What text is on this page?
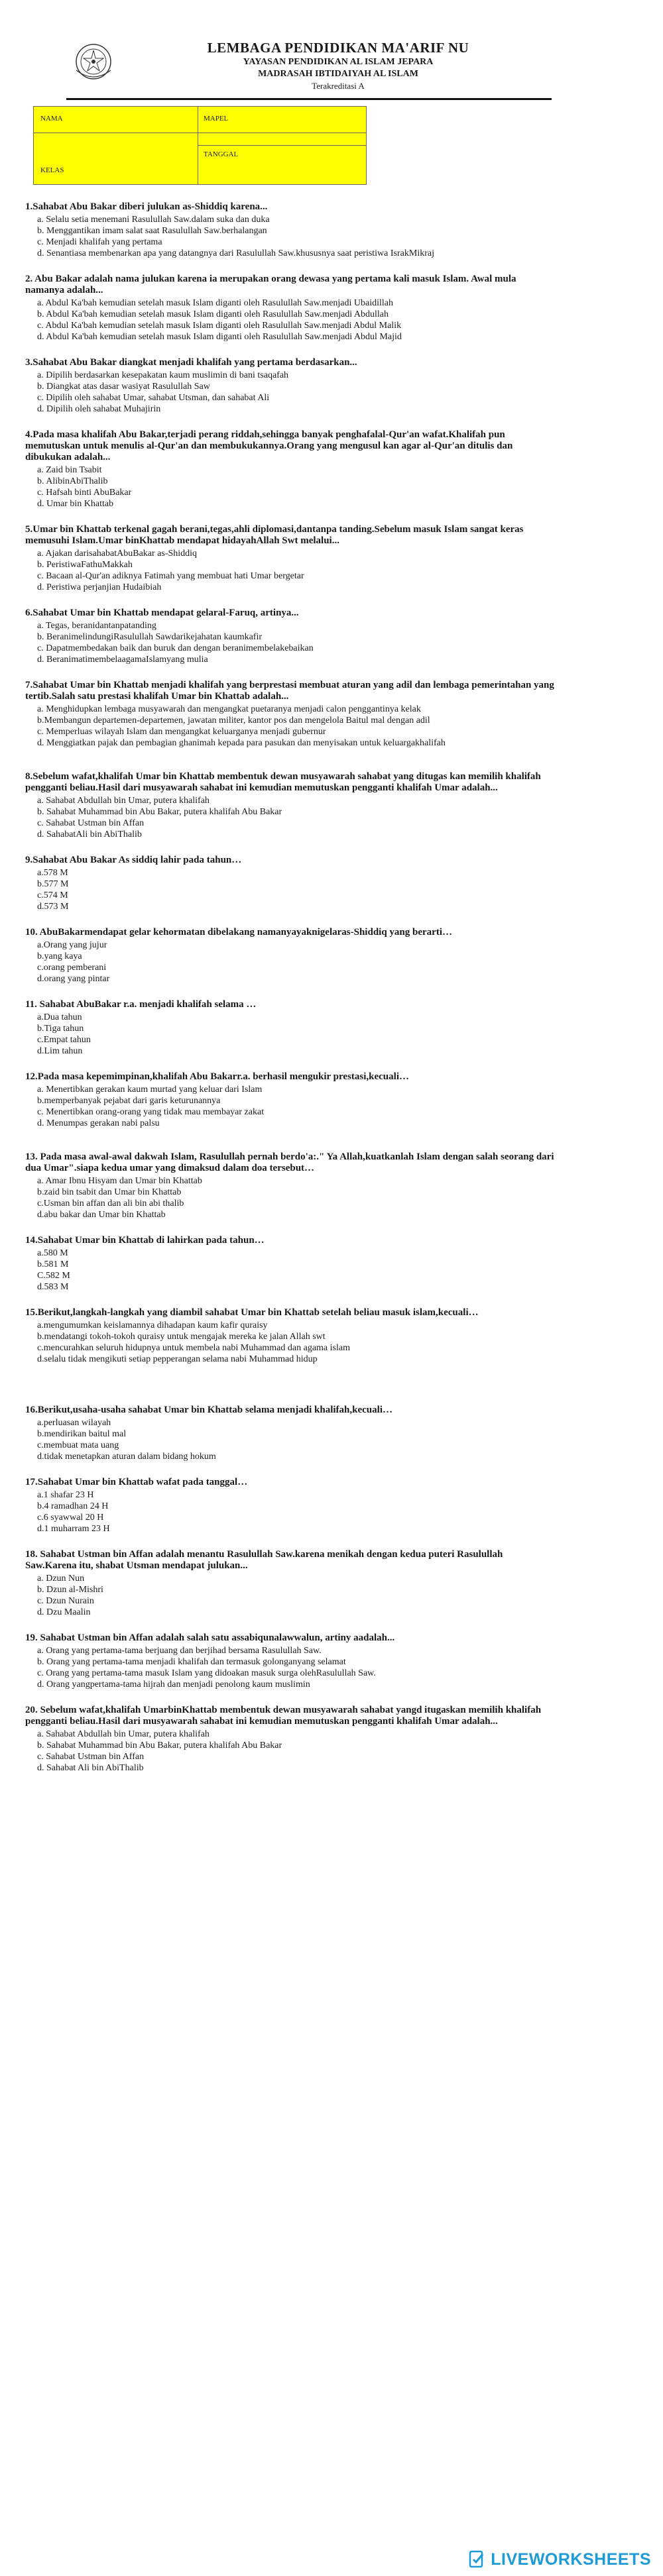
LEMBAGA PENDIDIKAN MA'ARIF NU
YAYASAN PENDIDIKAN AL ISLAM JEPARA
MADRASAH IBTIDAIYAH AL ISLAM
Terakreditasi A
NAMA	MAPEL
TANGGAL
KELAS
1.Sahabat Abu Bakar diberi julukan as-Shiddiq karena...
a. Selalu setia menemani Rasulullah Saw.dalam suka dan duka
b. Menggantikan imam salat saat Rasulullah Saw.berhalangan
c. Menjadi khalifah yang pertama
d. Senantiasa membenarkan apa yang datangnya dari Rasulullah Saw.khususnya saat peristiwa IsrakMikraj
2. Abu Bakar adalah nama julukan karena ia merupakan orang dewasa yang pertama kali masuk Islam. Awal mula namanya adalah...
a. Abdul Ka'bah kemudian setelah masuk Islam diganti oleh Rasulullah Saw.menjadi Ubaidillah
b. Abdul Ka'bah kemudian setelah masuk Islam diganti oleh Rasulullah Saw.menjadi Abdullah
c. Abdul Ka'bah kemudian setelah masuk Islam diganti oleh Rasulullah Saw.menjadi Abdul Malik
d. Abdul Ka'bah kemudian setelah masuk Islam diganti oleh Rasulullah Saw.menjadi Abdul Majid
3.Sahabat Abu Bakar diangkat menjadi khalifah yang pertama berdasarkan...
a. Dipilih berdasarkan kesepakatan kaum muslimin di bani tsaqafah
b. Diangkat atas dasar wasiyat Rasulullah Saw
c. Dipilih oleh sahabat Umar, sahabat Utsman, dan sahabat Ali
d. Dipilih oleh sahabat Muhajirin
4.Pada masa khalifah Abu Bakar,terjadi perang riddah,sehingga banyak penghafalal-Qur'an wafat.Khalifah pun memutuskan untuk menulis al-Qur'an dan membukukannya.Orang yang mengusul kan agar al-Qur'an ditulis dan dibukukan adalah...
a. Zaid bin Tsabit
b. AlibinAbiThalib
c. Hafsah binti AbuBakar
d. Umar bin Khattab
5.Umar bin Khattab terkenal gagah berani,tegas,ahli diplomasi,dantanpa tanding.Sebelum masuk Islam sangat keras memusuhi Islam.Umar binKhattab mendapat hidayahAllah Swt melalui...
a. Ajakan darisahabatAbuBakar as-Shiddiq
b. PeristiwaFathuMakkah
c. Bacaan al-Qur'an adiknya Fatimah yang membuat hati Umar bergetar
d. Peristiwa perjanjian Hudaibiah
6.Sahabat Umar bin Khattab mendapat gelaral-Faruq, artinya...
a. Tegas, beranidantanpatanding
b. BeranimelindungiRasulullah Sawdarikejahatan kaumkafir
c. Dapatmembedakan baik dan buruk dan dengan beranimembelakebaikan
d. BeranimatimembelaagamaIslamyang mulia
7.Sahabat Umar bin Khattab menjadi khalifah yang berprestasi membuat aturan yang adil dan lembaga pemerintahan yang tertib.Salah satu prestasi khalifah Umar bin Khattab adalah...
a. Menghidupkan lembaga musyawarah dan mengangkat puetaranya menjadi calon penggantinya kelak
b.Membangun departemen-departemen, jawatan militer, kantor pos dan mengelola Baitul mal dengan adil
c. Memperluas wilayah Islam dan mengangkat keluarganya menjadi gubernur
d. Menggiatkan pajak dan pembagian ghanimah kepada para pasukan dan menyisakan untuk keluargakhalifah
8.Sebelum wafat,khalifah Umar bin Khattab membentuk dewan musyawarah sahabat yang ditugas kan memilih khalifah pengganti beliau.Hasil dari musyawarah sahabat ini kemudian memutuskan pengganti khalifah Umar adalah...
a. Sahabat Abdullah bin Umar, putera khalifah
b. Sahabat Muhammad bin Abu Bakar, putera khalifah Abu Bakar
c. Sahabat Ustman bin Affan
d. SahabatAli bin AbiThalib
9.Sahabat Abu Bakar As siddiq lahir pada tahun…
a.578 M
b.577 M
c.574 M
d.573 M
10. AbuBakarmendapat gelar kehormatan dibelakang namanyayaknigelaras-Shiddiq yang berarti…
a.Orang yang jujur
b.yang kaya
c.orang pemberani
d.orang yang pintar
11. Sahabat AbuBakar r.a. menjadi khalifah selama …
a.Dua tahun
b.Tiga tahun
c.Empat tahun
d.Lim tahun
12.Pada masa kepemimpinan,khalifah Abu Bakarr.a. berhasil mengukir prestasi,kecuali…
a. Menertibkan gerakan kaum murtad yang keluar dari Islam
b.memperbanyak pejabat dari garis keturunannya
c. Menertibkan orang-orang yang tidak mau membayar zakat
d. Menumpas gerakan nabi palsu
13. Pada masa awal-awal dakwah Islam, Rasulullah pernah berdo'a:." Ya Allah,kuatkanlah Islam dengan salah seorang dari dua Umar".siapa kedua umar yang dimaksud dalam doa tersebut…
a. Amar Ibnu Hisyam dan Umar bin Khattab
b.zaid bin tsabit dan Umar bin Khattab
c.Usman bin affan dan ali bin abi thalib
d.abu bakar dan Umar bin Khattab
14.Sahabat Umar bin Khattab di lahirkan pada tahun…
a.580 M
b.581 M
C.582 M
d.583 M
15.Berikut,langkah-langkah yang diambil sahabat Umar bin Khattab setelah beliau masuk islam,kecuali…
a.mengumumkan keislamannya dihadapan kaum kafir quraisy
b.mendatangi tokoh-tokoh quraisy untuk mengajak mereka ke jalan Allah swt
c.mencurahkan seluruh hidupnya untuk membela nabi Muhammad dan agama islam
d.selalu tidak mengikuti setiap pepperangan selama nabi Muhammad hidup
16.Berikut,usaha-usaha sahabat Umar bin Khattab selama menjadi khalifah,kecuali…
a.perluasan wilayah
b.mendirikan baitul mal
c.membuat mata uang
d.tidak menetapkan aturan dalam bidang hokum
17.Sahabat Umar bin Khattab wafat pada tanggal…
a.1 shafar 23 H
b.4 ramadhan 24 H
c.6 syawwal 20 H
d.1 muharram 23 H
18. Sahabat Ustman bin Affan adalah menantu Rasulullah Saw.karena menikah dengan kedua puteri Rasulullah Saw.Karena itu, shabat Utsman mendapat julukan...
a. Dzun Nun
b. Dzun al-Mishri
c. Dzun Nurain
d. Dzu Maalin
19. Sahabat Ustman bin Affan adalah salah satu assabiqunalawwalun, artiny aadalah...
a. Orang yang pertama-tama berjuang dan berjihad bersama Rasulullah Saw.
b. Orang yang pertama-tama menjadi khalifah dan termasuk golonganyang selamat
c. Orang yang pertama-tama masuk Islam yang didoakan masuk surga olehRasulullah Saw.
d. Orang yangpertama-tama hijrah dan menjadi penolong kaum muslimin
20. Sebelum wafat,khalifah UmarbinKhattab membentuk dewan musyawarah sahabat yangd itugaskan memilih khalifah pengganti beliau.Hasil dari musyawarah sahabat ini kemudian memutuskan pengganti khalifah Umar adalah...
a. Sahabat Abdullah bin Umar, putera khalifah
b. Sahabat Muhammad bin Abu Bakar, putera khalifah Abu Bakar
c. Sahabat Ustman bin Affan
d. Sahabat Ali bin AbiThalib
LIVEWORKSHEETS
